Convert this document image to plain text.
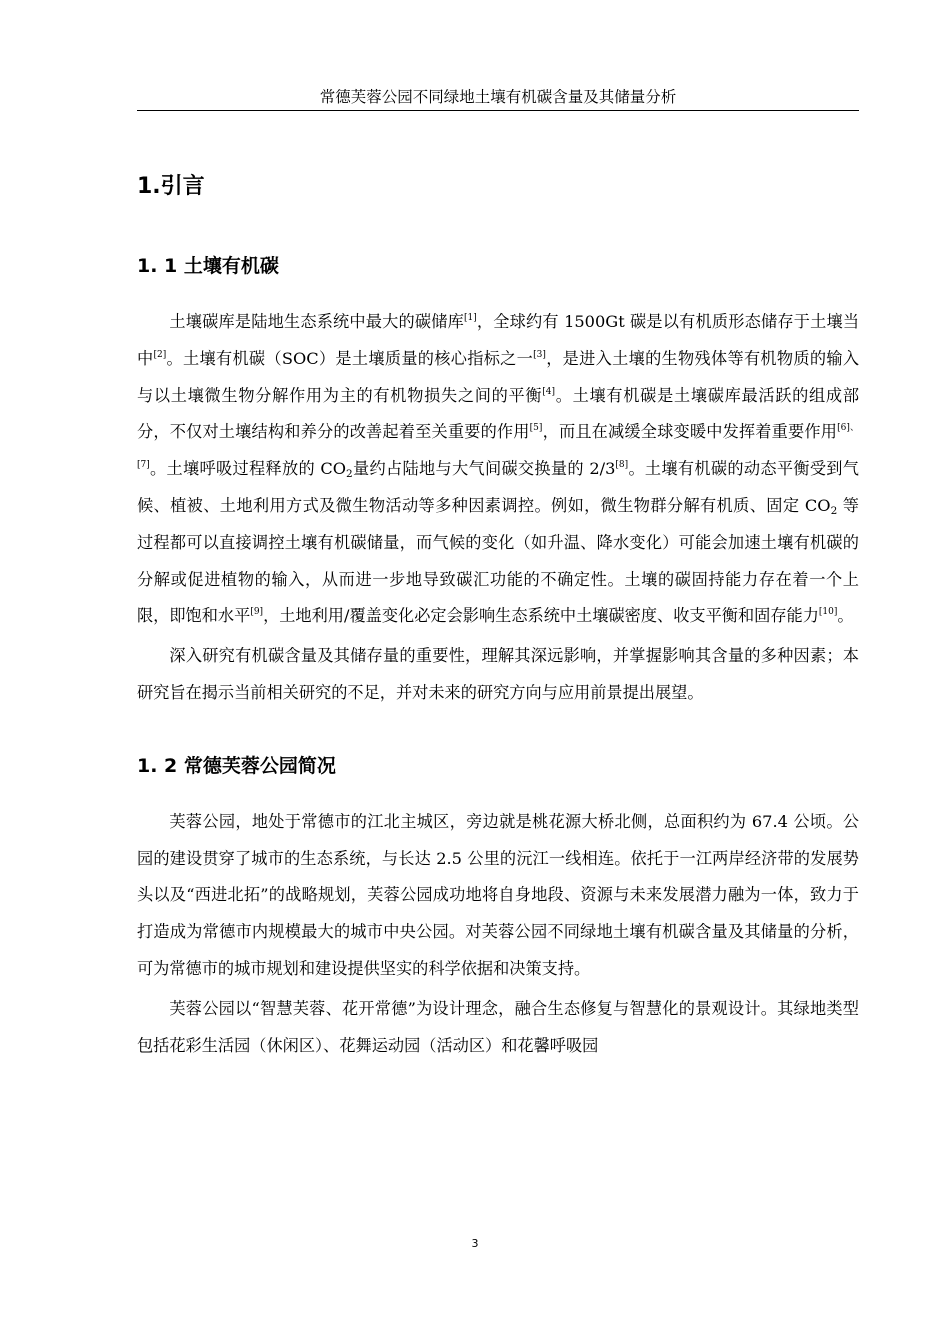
常德芙蓉公园不同绿地土壤有机碳含量及其储量分析
1.引言
1. 1 土壤有机碳

土壤碳库是陆地生态系统中最大的碳储库[1]，全球约有 1500Gt 碳是以有机质形态储存于土壤当中[2]。土壤有机碳（SOC）是土壤质量的核心指标之一[3]，是进入土壤的生物残体等有机物质的输入与以土壤微生物分解作用为主的有机物损失之间的平衡[4]。土壤有机碳是土壤碳库最活跃的组成部分，不仅对土壤结构和养分的改善起着至关重要的作用[5]，而且在减缓全球变暖中发挥着重要作用[6]、[7]。土壤呼吸过程释放的 $CO_2$量约占陆地与大气间碳交换量的 2/3[8]。土壤有机碳的动态平衡受到气候、植被、土地利用方式及微生物活动等多种因素调控。例如，微生物群分解有机质、固定 $CO_2$ 等过程都可以直接调控土壤有机碳储量，而气候的变化（如升温、降水变化）可能会加速土壤有机碳的分解或促进植物的输入，从而进一步地导致碳汇功能的不确定性。土壤的碳固持能力存在着一个上限，即饱和水平[9]，土地利用/覆盖变化必定会影响生态系统中土壤碳密度、收支平衡和固存能力[10]。

深入研究有机碳含量及其储存量的重要性，理解其深远影响，并掌握影响其含量的多种因素；本研究旨在揭示当前相关研究的不足，并对未来的研究方向与应用前景提出展望。

1. 2 常德芙蓉公园简况

芙蓉公园，地处于常德市的江北主城区，旁边就是桃花源大桥北侧，总面积约为 67.4 公顷。公园的建设贯穿了城市的生态系统，与长达 2.5 公里的沅江一线相连。依托于一江两岸经济带的发展势头以及“西进北拓”的战略规划，芙蓉公园成功地将自身地段、资源与未来发展潜力融为一体，致力于打造成为常德市内规模最大的城市中央公园。对芙蓉公园不同绿地土壤有机碳含量及其储量的分析，可为常德市的城市规划和建设提供坚实的科学依据和决策支持。

芙蓉公园以“智慧芙蓉、花开常德”为设计理念，融合生态修复与智慧化的景观设计。其绿地类型包括花彩生活园（休闲区）、花舞运动园（活动区）和花馨呼吸园

3
